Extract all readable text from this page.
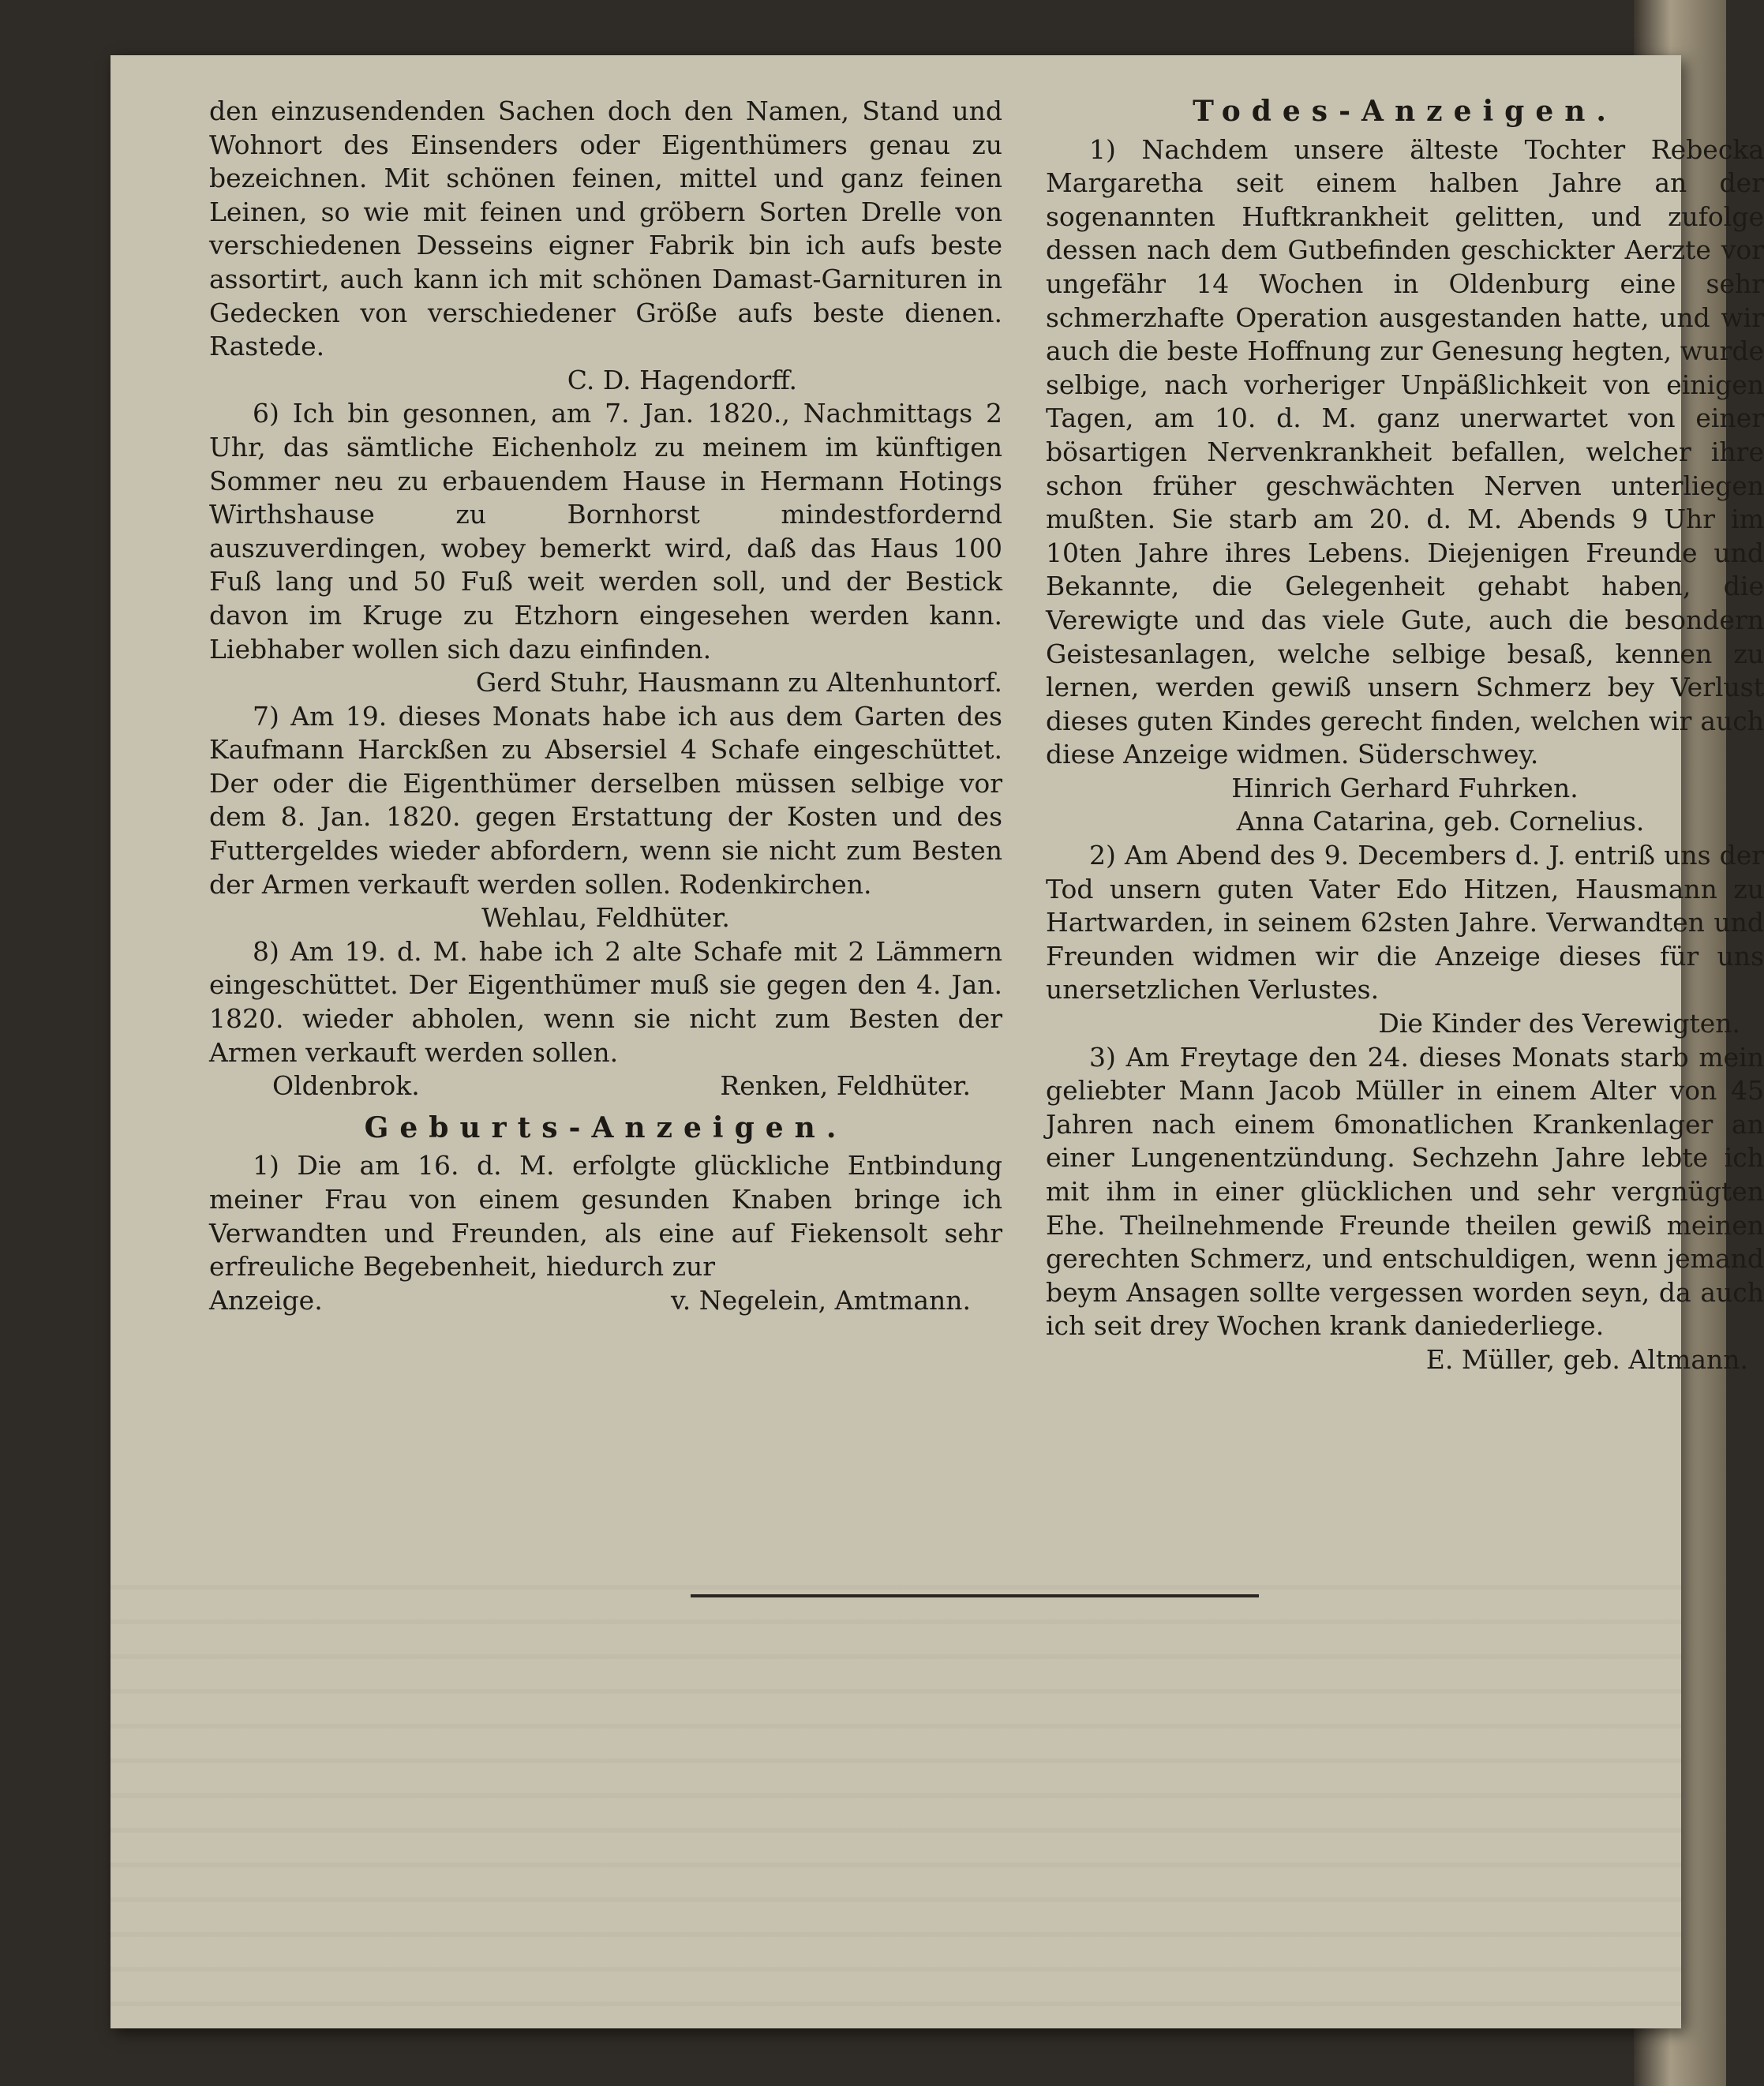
den einzusendenden Sachen doch den Namen, Stand und Wohnort des Einsenders oder Eigenthümers genau zu bezeichnen. Mit schönen feinen, mittel und ganz feinen Leinen, so wie mit feinen und gröbern Sorten Drelle von verschiedenen Desseins eigner Fabrik bin ich aufs beste assortirt, auch kann ich mit schönen Damast-Garnituren in Gedecken von verschiedener Größe aufs beste dienen. Rastede.

C. D. Hagendorff.

6) Ich bin gesonnen, am 7. Jan. 1820., Nachmittags 2 Uhr, das sämtliche Eichenholz zu meinem im künftigen Sommer neu zu erbauendem Hause in Hermann Hotings Wirthshause zu Bornhorst mindestfordernd auszuverdingen, wobey bemerkt wird, daß das Haus 100 Fuß lang und 50 Fuß weit werden soll, und der Bestick davon im Kruge zu Etzhorn eingesehen werden kann. Liebhaber wollen sich dazu einfinden.

Gerd Stuhr, Hausmann zu Altenhuntorf.

7) Am 19. dieses Monats habe ich aus dem Garten des Kaufmann Harckßen zu Absersiel 4 Schafe eingeschüttet. Der oder die Eigenthümer derselben müssen selbige vor dem 8. Jan. 1820. gegen Erstattung der Kosten und des Futtergeldes wieder abfordern, wenn sie nicht zum Besten der Armen verkauft werden sollen. Rodenkirchen.

Wehlau, Feldhüter.

8) Am 19. d. M. habe ich 2 alte Schafe mit 2 Lämmern eingeschüttet. Der Eigenthümer muß sie gegen den 4. Jan. 1820. wieder abholen, wenn sie nicht zum Besten der Armen verkauft werden sollen.

Oldenbrok.	Renken, Feldhüter.
Geburts-Anzeigen.

1) Die am 16. d. M. erfolgte glückliche Entbindung meiner Frau von einem gesunden Knaben bringe ich Verwandten und Freunden, als eine auf Fiekensolt sehr erfreuliche Begebenheit, hiedurch zur

Anzeige.	v. Negelein, Amtmann.
Todes-Anzeigen.

1) Nachdem unsere älteste Tochter Rebecka Margaretha seit einem halben Jahre an der sogenannten Huftkrankheit gelitten, und zufolge dessen nach dem Gutbefinden geschickter Aerzte vor ungefähr 14 Wochen in Oldenburg eine sehr schmerzhafte Operation ausgestanden hatte, und wir auch die beste Hoffnung zur Genesung hegten, wurde selbige, nach vorheriger Unpäßlichkeit von einigen Tagen, am 10. d. M. ganz unerwartet von einer bösartigen Nervenkrankheit befallen, welcher ihre schon früher geschwächten Nerven unterliegen mußten. Sie starb am 20. d. M. Abends 9 Uhr im 10ten Jahre ihres Lebens. Diejenigen Freunde und Bekannte, die Gelegenheit gehabt haben, die Verewigte und das viele Gute, auch die besondern Geistesanlagen, welche selbige besaß, kennen zu lernen, werden gewiß unsern Schmerz bey Verlust dieses guten Kindes gerecht finden, welchen wir auch diese Anzeige widmen. Süderschwey.

Hinrich Gerhard Fuhrken.

Anna Catarina, geb. Cornelius.

2) Am Abend des 9. Decembers d. J. entriß uns der Tod unsern guten Vater Edo Hitzen, Hausmann zu Hartwarden, in seinem 62sten Jahre. Verwandten und Freunden widmen wir die Anzeige dieses für uns unersetzlichen Verlustes.

Die Kinder des Verewigten.

3) Am Freytage den 24. dieses Monats starb mein geliebter Mann Jacob Müller in einem Alter von 45 Jahren nach einem 6monatlichen Krankenlager an einer Lungenentzündung. Sechzehn Jahre lebte ich mit ihm in einer glücklichen und sehr vergnügten Ehe. Theilnehmende Freunde theilen gewiß meinen gerechten Schmerz, und entschuldigen, wenn jemand beym Ansagen sollte vergessen worden seyn, da auch ich seit drey Wochen krank daniederliege.

E. Müller, geb. Altmann.
